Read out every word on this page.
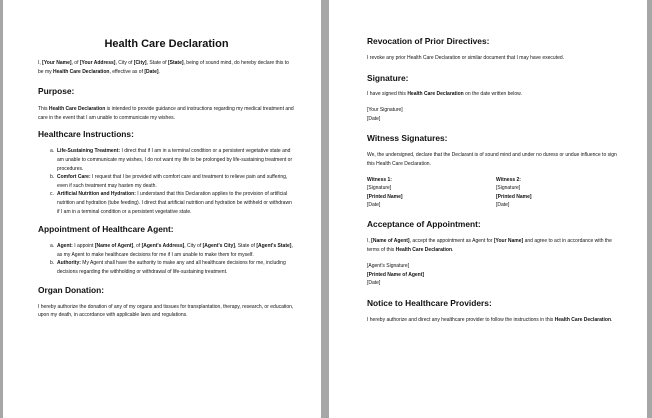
Health Care Declaration

I, [Your Name], of [Your Address], City of [City], State of [State], being of sound mind, do hereby declare this to be my Health Care Declaration, effective as of [Date].

Purpose:

This Health Care Declaration is intended to provide guidance and instructions regarding my medical treatment and care in the event that I am unable to communicate my wishes.

Healthcare Instructions:
a. Life-Sustaining Treatment: I direct that if I am in a terminal condition or a persistent vegetative state and am unable to communicate my wishes, I do not want my life to be prolonged by life-sustaining treatment or procedures.
b. Comfort Care: I request that I be provided with comfort care and treatment to relieve pain and suffering, even if such treatment may hasten my death.
c. Artificial Nutrition and Hydration: I understand that this Declaration applies to the provision of artificial nutrition and hydration (tube feeding). I direct that artificial nutrition and hydration be withheld or withdrawn if I am in a terminal condition or a persistent vegetative state.
Appointment of Healthcare Agent:
a. Agent: I appoint [Name of Agent], of [Agent's Address], City of [Agent's City], State of [Agent's State], as my Agent to make healthcare decisions for me if I am unable to make them for myself.
b. Authority: My Agent shall have the authority to make any and all healthcare decisions for me, including decisions regarding the withholding or withdrawal of life-sustaining treatment.
Organ Donation:

I hereby authorize the donation of any of my organs and tissues for transplantation, therapy, research, or education, upon my death, in accordance with applicable laws and regulations.

Revocation of Prior Directives:

I revoke any prior Health Care Declaration or similar document that I may have executed.

Signature:

I have signed this Health Care Declaration on the date written below.

[Your Signature]
[Date]
Witness Signatures:

We, the undersigned, declare that the Declarant is of sound mind and under no duress or undue influence to sign this Health Care Declaration.

Witness 1:
[Signature]
[Printed Name]
[Date]
Witness 2:
[Signature]
[Printed Name]
[Date]
Acceptance of Appointment:

I, [Name of Agent], accept the appointment as Agent for [Your Name] and agree to act in accordance with the terms of this Health Care Declaration.

[Agent's Signature]
[Printed Name of Agent]
[Date]
Notice to Healthcare Providers:

I hereby authorize and direct any healthcare provider to follow the instructions in this Health Care Declaration.
